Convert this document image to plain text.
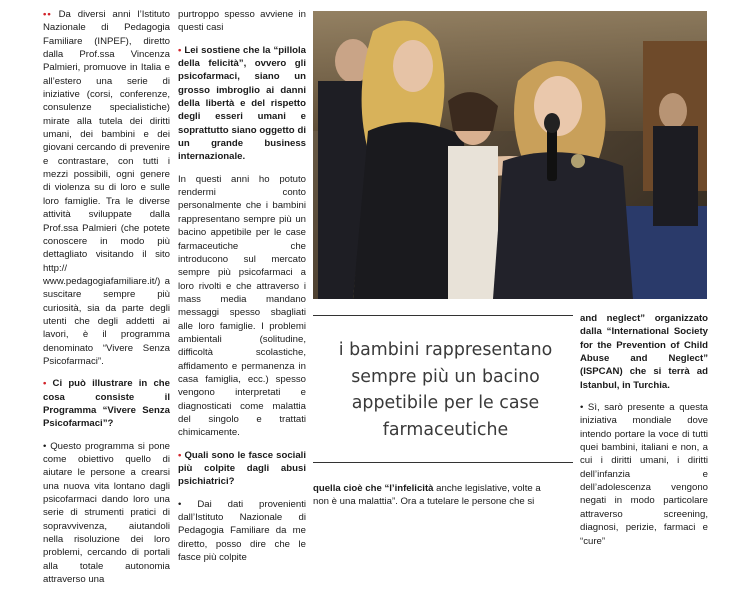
•• Da diversi anni l’Istituto Nazionale di Pedagogia Familiare (INPEF), diretto dalla Prof.ssa Vincenza Palmieri, promuove in Italia e all’estero una serie di iniziative (corsi, conferenze, consulenze specialistiche) mirate alla tutela dei diritti umani, dei bambini e dei giovani cercando di prevenire e contrastare, con tutti i mezzi possibili, ogni genere di violenza su di loro e sulle loro famiglie. Tra le diverse attività sviluppate dalla Prof.ssa Palmieri (che potete conoscere in modo più dettagliato visitando il sito http:// www.pedagogiafamiliare.it/) a suscitare sempre più curiosità, sia da parte degli utenti che degli addetti ai lavori, è il programma denominato “Vivere Senza Psicofarmaci”.

• Ci può illustrare in che cosa consiste il Programma “Vivere Senza Psicofarmaci”?

• Questo programma si pone come obiettivo quello di aiutare le persone a crearsi una nuova vita lontano dagli psicofarmaci dando loro una serie di strumenti pratici di sopravvivenza, aiutandoli nella risoluzione dei loro problemi, cercando di portali alla totale autonomia attraverso una

purtroppo spesso avviene in questi casi

• Lei sostiene che la “pillola della felicità”, ovvero gli psicofarmaci, siano un grosso imbroglio ai danni della libertà e del rispetto degli esseri umani e soprattutto siano oggetto di un grande business internazionale.

In questi anni ho potuto rendermi conto personalmente che i bambini rappresentano sempre più un bacino appetibile per le case farmaceutiche che introducono sul mercato sempre più psicofarmaci a loro rivolti e che attraverso i mass media mandano messaggi spesso sbagliati alle loro famiglie. I problemi ambientali (solitudine, difficoltà scolastiche, affidamento e permanenza in casa famiglia, ecc.) spesso vengono interpretati e diagnosticati come malattia del singolo e trattati chimicamente.

• Quali sono le fasce sociali più colpite dagli abusi psichiatrici?

• Dai dati provenienti dall’Istituto Nazionale di Pedagogia Familiare da me diretto, posso dire che le fasce più colpite

i bambini rappresentano sempre più un bacino appetibile per le case farmaceutiche
quella cioè che “l’infelicità anche legislative, volte a
non è una malattia”. Ora a tutelare le persone che si

and neglect” organizzato dalla “International Society for the Prevention of Child Abuse and Neglect” (ISPCAN) che si terrà ad Istanbul, in Turchia.

• Sì, sarò presente a questa iniziativa mondiale dove intendo portare la voce di tutti quei bambini, italiani e non, a cui i diritti umani, i diritti dell’infanzia e dell’adolescenza vengono negati in modo particolare attraverso screening, diagnosi, perizie, farmaci e “cure”
